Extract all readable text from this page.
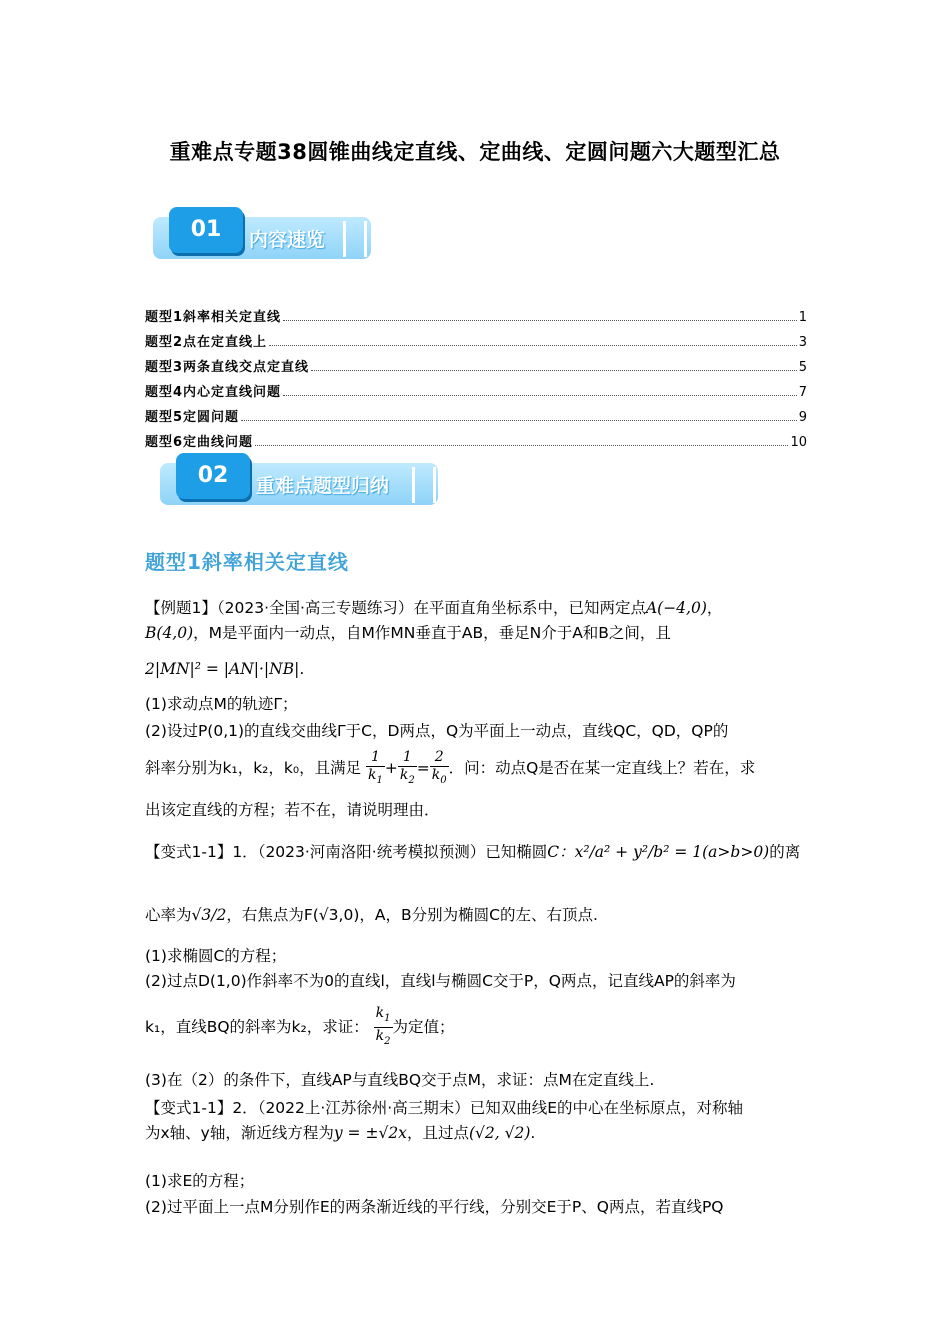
重难点专题38圆锥曲线定直线、定曲线、定圆问题六大题型汇总
01	内容速览
题型1斜率相关定直线	1
题型2点在定直线上	3
题型3两条直线交点定直线	5
题型4内心定直线问题	7
题型5定圆问题	9
题型6定曲线问题	10
02	重难点题型归纳
题型1斜率相关定直线
【例题1】（2023·全国·高三专题练习）在平面直角坐标系中，已知两定点A(−4,0)，
B(4,0)，M是平面内一动点，自M作MN垂直于AB，垂足N介于A和B之间，且
2|MN|² = |AN|·|NB|.
(1)求动点M的轨迹Γ；
(2)设过P(0,1)的直线交曲线Γ于C，D两点，Q为平面上一动点，直线QC，QD，QP的
斜率分别为k₁，k₂，k₀，且满足 $\frac{1}{k_1} + \frac{1}{k_2} = \frac{2}{k_0}$ ．问：动点Q是否在某一定直线上？若在，求
出该定直线的方程；若不在，请说明理由．
【变式1-1】1．（2023·河南洛阳·统考模拟预测）已知椭圆C：x²/a² + y²/b² = 1(a>b>0)的离
心率为√3/2，右焦点为F(√3,0)，A，B分别为椭圆C的左、右顶点.
(1)求椭圆C的方程；
(2)过点D(1,0)作斜率不为0的直线l，直线l与椭圆C交于P，Q两点，记直线AP的斜率为
k₁，直线BQ的斜率为k₂，求证： $\frac{k_1}{k_2}$ 为定值；
(3)在（2）的条件下，直线AP与直线BQ交于点M，求证：点M在定直线上.
【变式1-1】2．（2022上·江苏徐州·高三期末）已知双曲线E的中心在坐标原点，对称轴
为x轴、y轴，渐近线方程为y = ±√2x，且过点(√2, √2).
(1)求E的方程；
(2)过平面上一点M分别作E的两条渐近线的平行线，分别交E于P、Q两点，若直线PQ
